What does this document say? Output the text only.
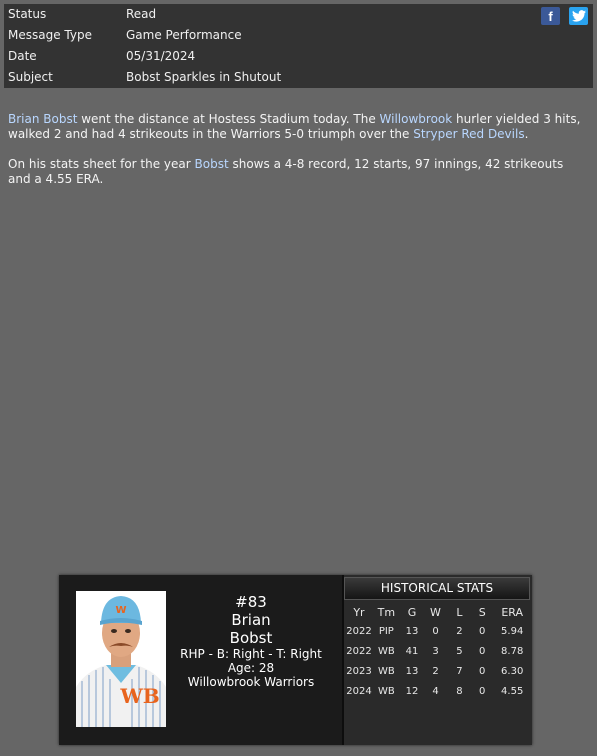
Status	Read
Message Type	Game Performance
Date	05/31/2024
Subject	Bobst Sparkles in Shutout
f

Brian Bobst went the distance at Hostess Stadium today. The Willowbrook hurler yielded 3 hits, walked 2 and had 4 strikeouts in the Warriors 5-0 triumph over the Stryper Red Devils.

On his stats sheet for the year Bobst shows a 4-8 record, 12 starts, 97 innings, 42 strikeouts and a 4.55 ERA.

W
WB
#83
Brian
Bobst
RHP - B: Right - T: Right
Age: 28
Willowbrook Warriors
HISTORICAL STATS
Yr	Tm	G	W	L	S	ERA
2022	PIP	13	0	2	0	5.94
2022	WB	41	3	5	0	8.78
2023	WB	13	2	7	0	6.30
2024	WB	12	4	8	0	4.55
